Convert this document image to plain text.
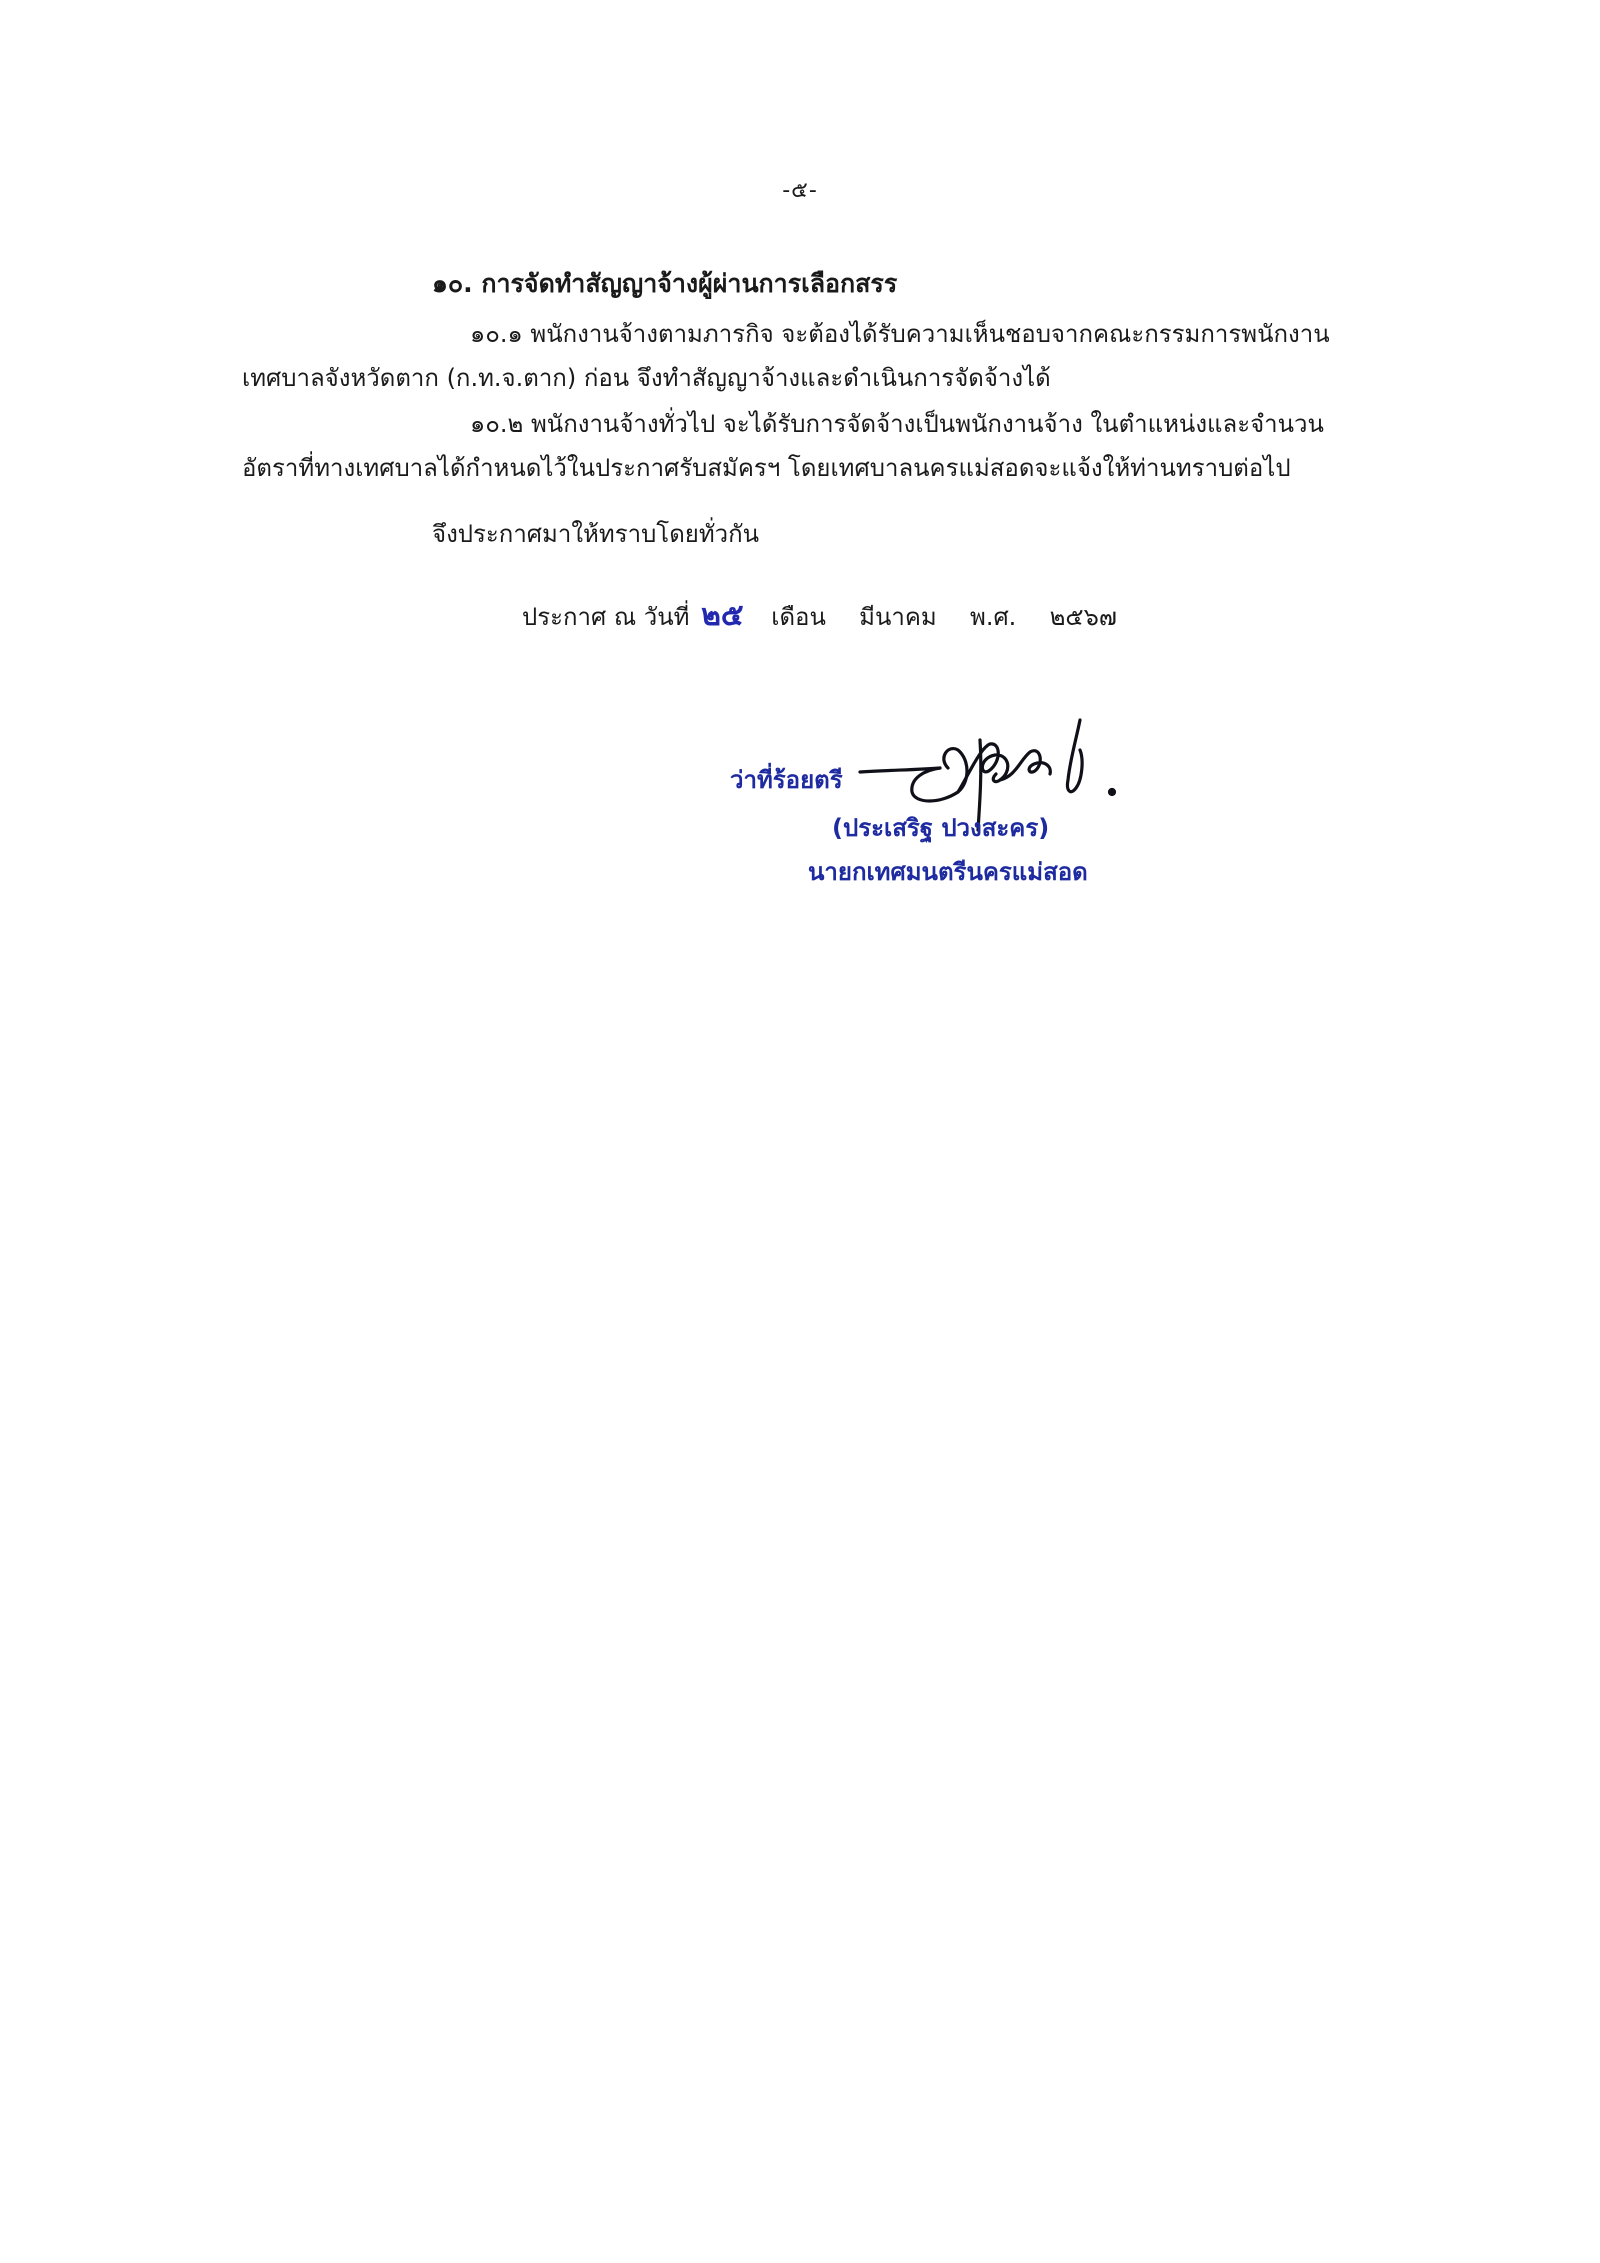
-๕-
๑๐. การจัดทำสัญญาจ้างผู้ผ่านการเลือกสรร
๑๐.๑ พนักงานจ้างตามภารกิจ จะต้องได้รับความเห็นชอบจากคณะกรรมการพนักงาน
เทศบาลจังหวัดตาก (ก.ท.จ.ตาก) ก่อน จึงทำสัญญาจ้างและดำเนินการจัดจ้างได้
๑๐.๒ พนักงานจ้างทั่วไป จะได้รับการจัดจ้างเป็นพนักงานจ้าง ในตำแหน่งและจำนวน
อัตราที่ทางเทศบาลได้กำหนดไว้ในประกาศรับสมัครฯ โดยเทศบาลนครแม่สอดจะแจ้งให้ท่านทราบต่อไป
จึงประกาศมาให้ทราบโดยทั่วกัน
ประกาศ ณ วันที่ ๒๕ เดือน มีนาคม พ.ศ. ๒๕๖๗
ว่าที่ร้อยตรี
(ประเสริฐ ปวงสะคร)
นายกเทศมนตรีนครแม่สอด
